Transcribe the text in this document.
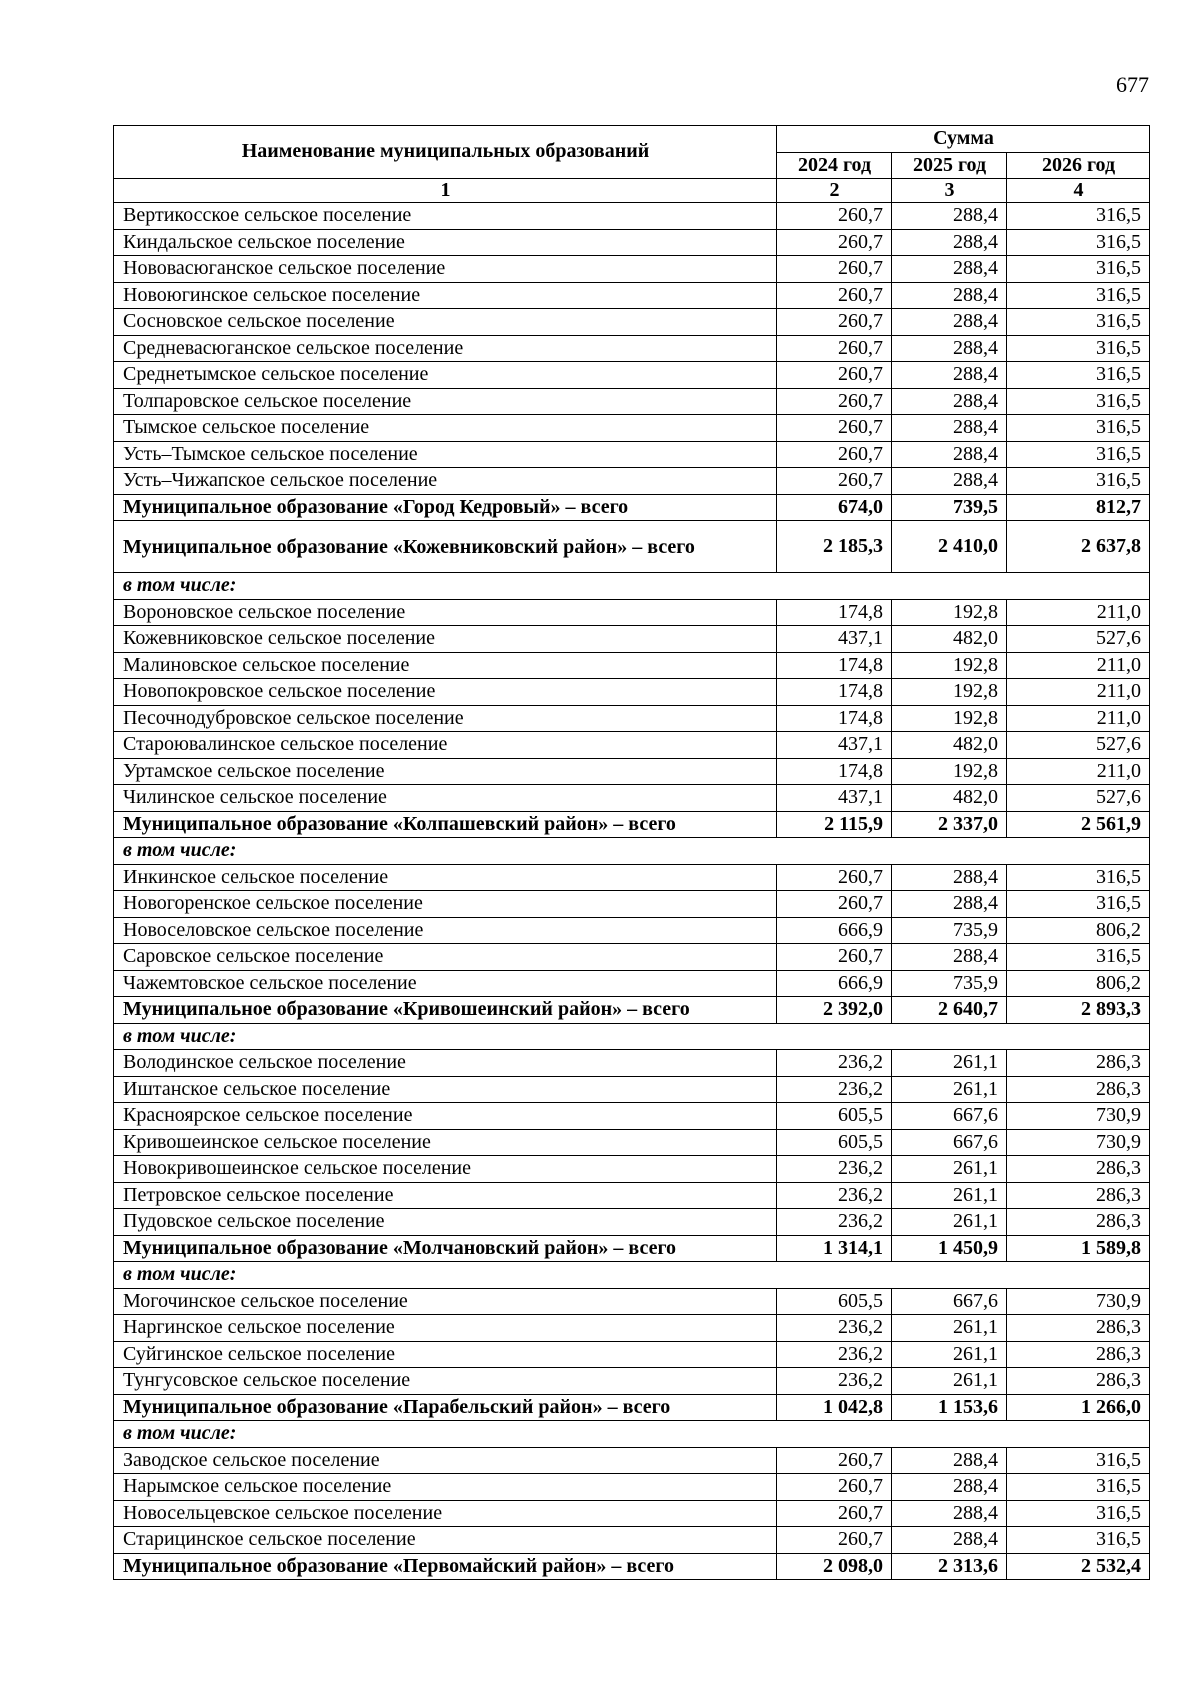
677
Наименование муниципальных образований	Сумма		
	2024 год	2025 год	2026 год
1	2	3	4
Вертикосское сельское поселение	260,7	288,4	316,5
Киндальское сельское поселение	260,7	288,4	316,5
Нововасюганское сельское поселение	260,7	288,4	316,5
Новоюгинское сельское поселение	260,7	288,4	316,5
Сосновское сельское поселение	260,7	288,4	316,5
Средневасюганское сельское поселение	260,7	288,4	316,5
Среднетымское сельское поселение	260,7	288,4	316,5
Толпаровское сельское поселение	260,7	288,4	316,5
Тымское сельское поселение	260,7	288,4	316,5
Усть–Тымское сельское поселение	260,7	288,4	316,5
Усть–Чижапское сельское поселение	260,7	288,4	316,5
Муниципальное образование «Город Кедровый» – всего	674,0	739,5	812,7
Муниципальное образование «Кожевниковский район» – всего	2 185,3	2 410,0	2 637,8
в том числе:			
Вороновское сельское поселение	174,8	192,8	211,0
Кожевниковское сельское поселение	437,1	482,0	527,6
Малиновское сельское поселение	174,8	192,8	211,0
Новопокровское сельское поселение	174,8	192,8	211,0
Песочнодубровское сельское поселение	174,8	192,8	211,0
Староювалинское сельское поселение	437,1	482,0	527,6
Уртамское сельское поселение	174,8	192,8	211,0
Чилинское сельское поселение	437,1	482,0	527,6
Муниципальное образование «Колпашевский район» – всего	2 115,9	2 337,0	2 561,9
в том числе:			
Инкинское сельское поселение	260,7	288,4	316,5
Новогоренское сельское поселение	260,7	288,4	316,5
Новоселовское сельское поселение	666,9	735,9	806,2
Саровское сельское поселение	260,7	288,4	316,5
Чажемтовское сельское поселение	666,9	735,9	806,2
Муниципальное образование «Кривошеинский район» – всего	2 392,0	2 640,7	2 893,3
в том числе:			
Володинское сельское поселение	236,2	261,1	286,3
Иштанское сельское поселение	236,2	261,1	286,3
Красноярское сельское поселение	605,5	667,6	730,9
Кривошеинское сельское поселение	605,5	667,6	730,9
Новокривошеинское сельское поселение	236,2	261,1	286,3
Петровское сельское поселение	236,2	261,1	286,3
Пудовское сельское поселение	236,2	261,1	286,3
Муниципальное образование «Молчановский район» – всего	1 314,1	1 450,9	1 589,8
в том числе:			
Могочинское сельское поселение	605,5	667,6	730,9
Наргинское сельское поселение	236,2	261,1	286,3
Суйгинское сельское поселение	236,2	261,1	286,3
Тунгусовское сельское поселение	236,2	261,1	286,3
Муниципальное образование «Парабельский район» – всего	1 042,8	1 153,6	1 266,0
в том числе:			
Заводское сельское поселение	260,7	288,4	316,5
Нарымское сельское поселение	260,7	288,4	316,5
Новосельцевское сельское поселение	260,7	288,4	316,5
Старицинское сельское поселение	260,7	288,4	316,5
Муниципальное образование «Первомайский район» – всего	2 098,0	2 313,6	2 532,4
